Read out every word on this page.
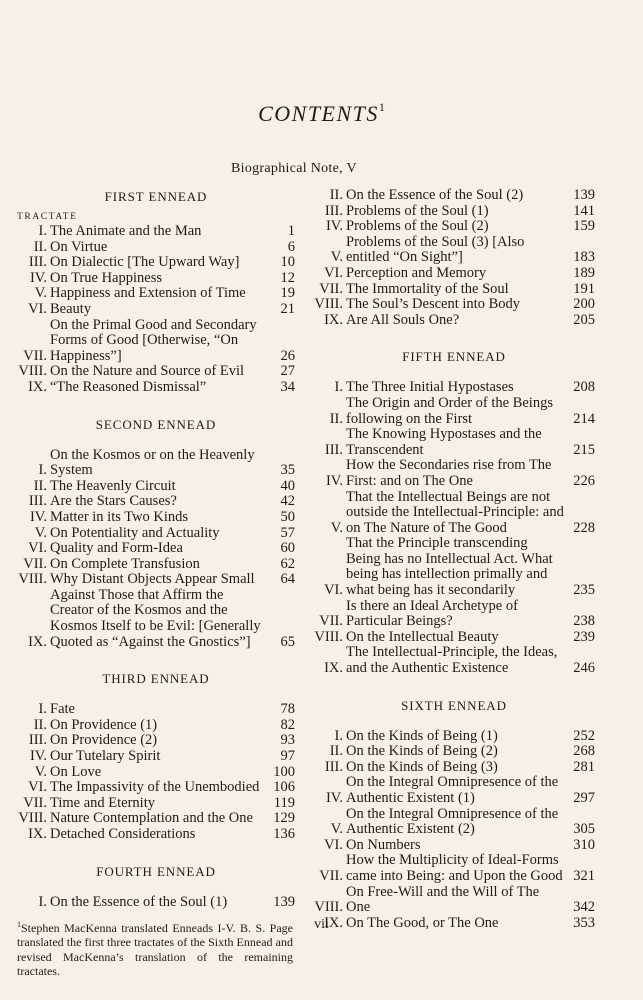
CONTENTS$^1$
Biographical Note, V
FIRST ENNEAD
TRACTATE
I. The Animate and the Man	1
II. On Virtue	6
III. On Dialectic [The Upward Way]	10
IV. On True Happiness	12
V. Happiness and Extension of Time	19
VI. Beauty	21
VII.
On the Primal Good and Secondary Forms of Good [Otherwise, “On Happiness”]	26
VIII. On the Nature and Source of Evil	27
IX. “The Reasoned Dismissal”	34
SECOND ENNEAD
I.
On the Kosmos or on the Heavenly System	35
II. The Heavenly Circuit	40
III. Are the Stars Causes?	42
IV. Matter in its Two Kinds	50
V. On Potentiality and Actuality	57
VI. Quality and Form-Idea	60
VII. On Complete Transfusion	62
VIII. Why Distant Objects Appear Small	64
IX.
Against Those that Affirm the Creator of the Kosmos and the Kosmos Itself to be Evil: [Generally Quoted as “Against the Gnostics”]	65
THIRD ENNEAD
I. Fate	78
II. On Providence (1)	82
III. On Providence (2)	93
IV. Our Tutelary Spirit	97
V. On Love	100
VI. The Impassivity of the Unembodied 106
VII. Time and Eternity	119
VIII. Nature Contemplation and the One	129
IX. Detached Considerations	136
FOURTH ENNEAD
I. On the Essence of the Soul (1)	139
$^1$Stephen MacKenna translated Enneads I-V. B. S. Page translated the first three tractates of the Sixth Ennead and revised MacKenna’s translation of the remaining tractates.
II. On the Essence of the Soul (2)	139
III. Problems of the Soul (1)	141
IV. Problems of the Soul (2)	159
V.
Problems of the Soul (3) [Also entitled “On Sight”]	183
VI. Perception and Memory	189
VII. The Immortality of the Soul	191
VIII. The Soul’s Descent into Body	200
IX. Are All Souls One?	205
FIFTH ENNEAD
I. The Three Initial Hypostases	208
II.
The Origin and Order of the Beings following on the First	214
III.
The Knowing Hypostases and the Transcendent	215
IV.
How the Secondaries rise from The First: and on The One	226
V.
That the Intellectual Beings are not outside the Intellectual-Principle: and on The Nature of The Good	228
VI.
That the Principle transcending Being has no Intellectual Act. What being has intellection primally and what being has it secondarily	235
VII.
Is there an Ideal Archetype of Particular Beings?	238
VIII. On the Intellectual Beauty	239
IX.
The Intellectual-Principle, the Ideas, and the Authentic Existence	246
SIXTH ENNEAD
I. On the Kinds of Being (1)	252
II. On the Kinds of Being (2)	268
III. On the Kinds of Being (3)	281
IV.
On the Integral Omnipresence of the Authentic Existent (1)	297
V.
On the Integral Omnipresence of the Authentic Existent (2)	305
VI. On Numbers	310
VII.
How the Multiplicity of Ideal-Forms came into Being: and Upon the Good 321
VIII.
On Free-Will and the Will of The One	342
IX. On The Good, or The One	353
vii
